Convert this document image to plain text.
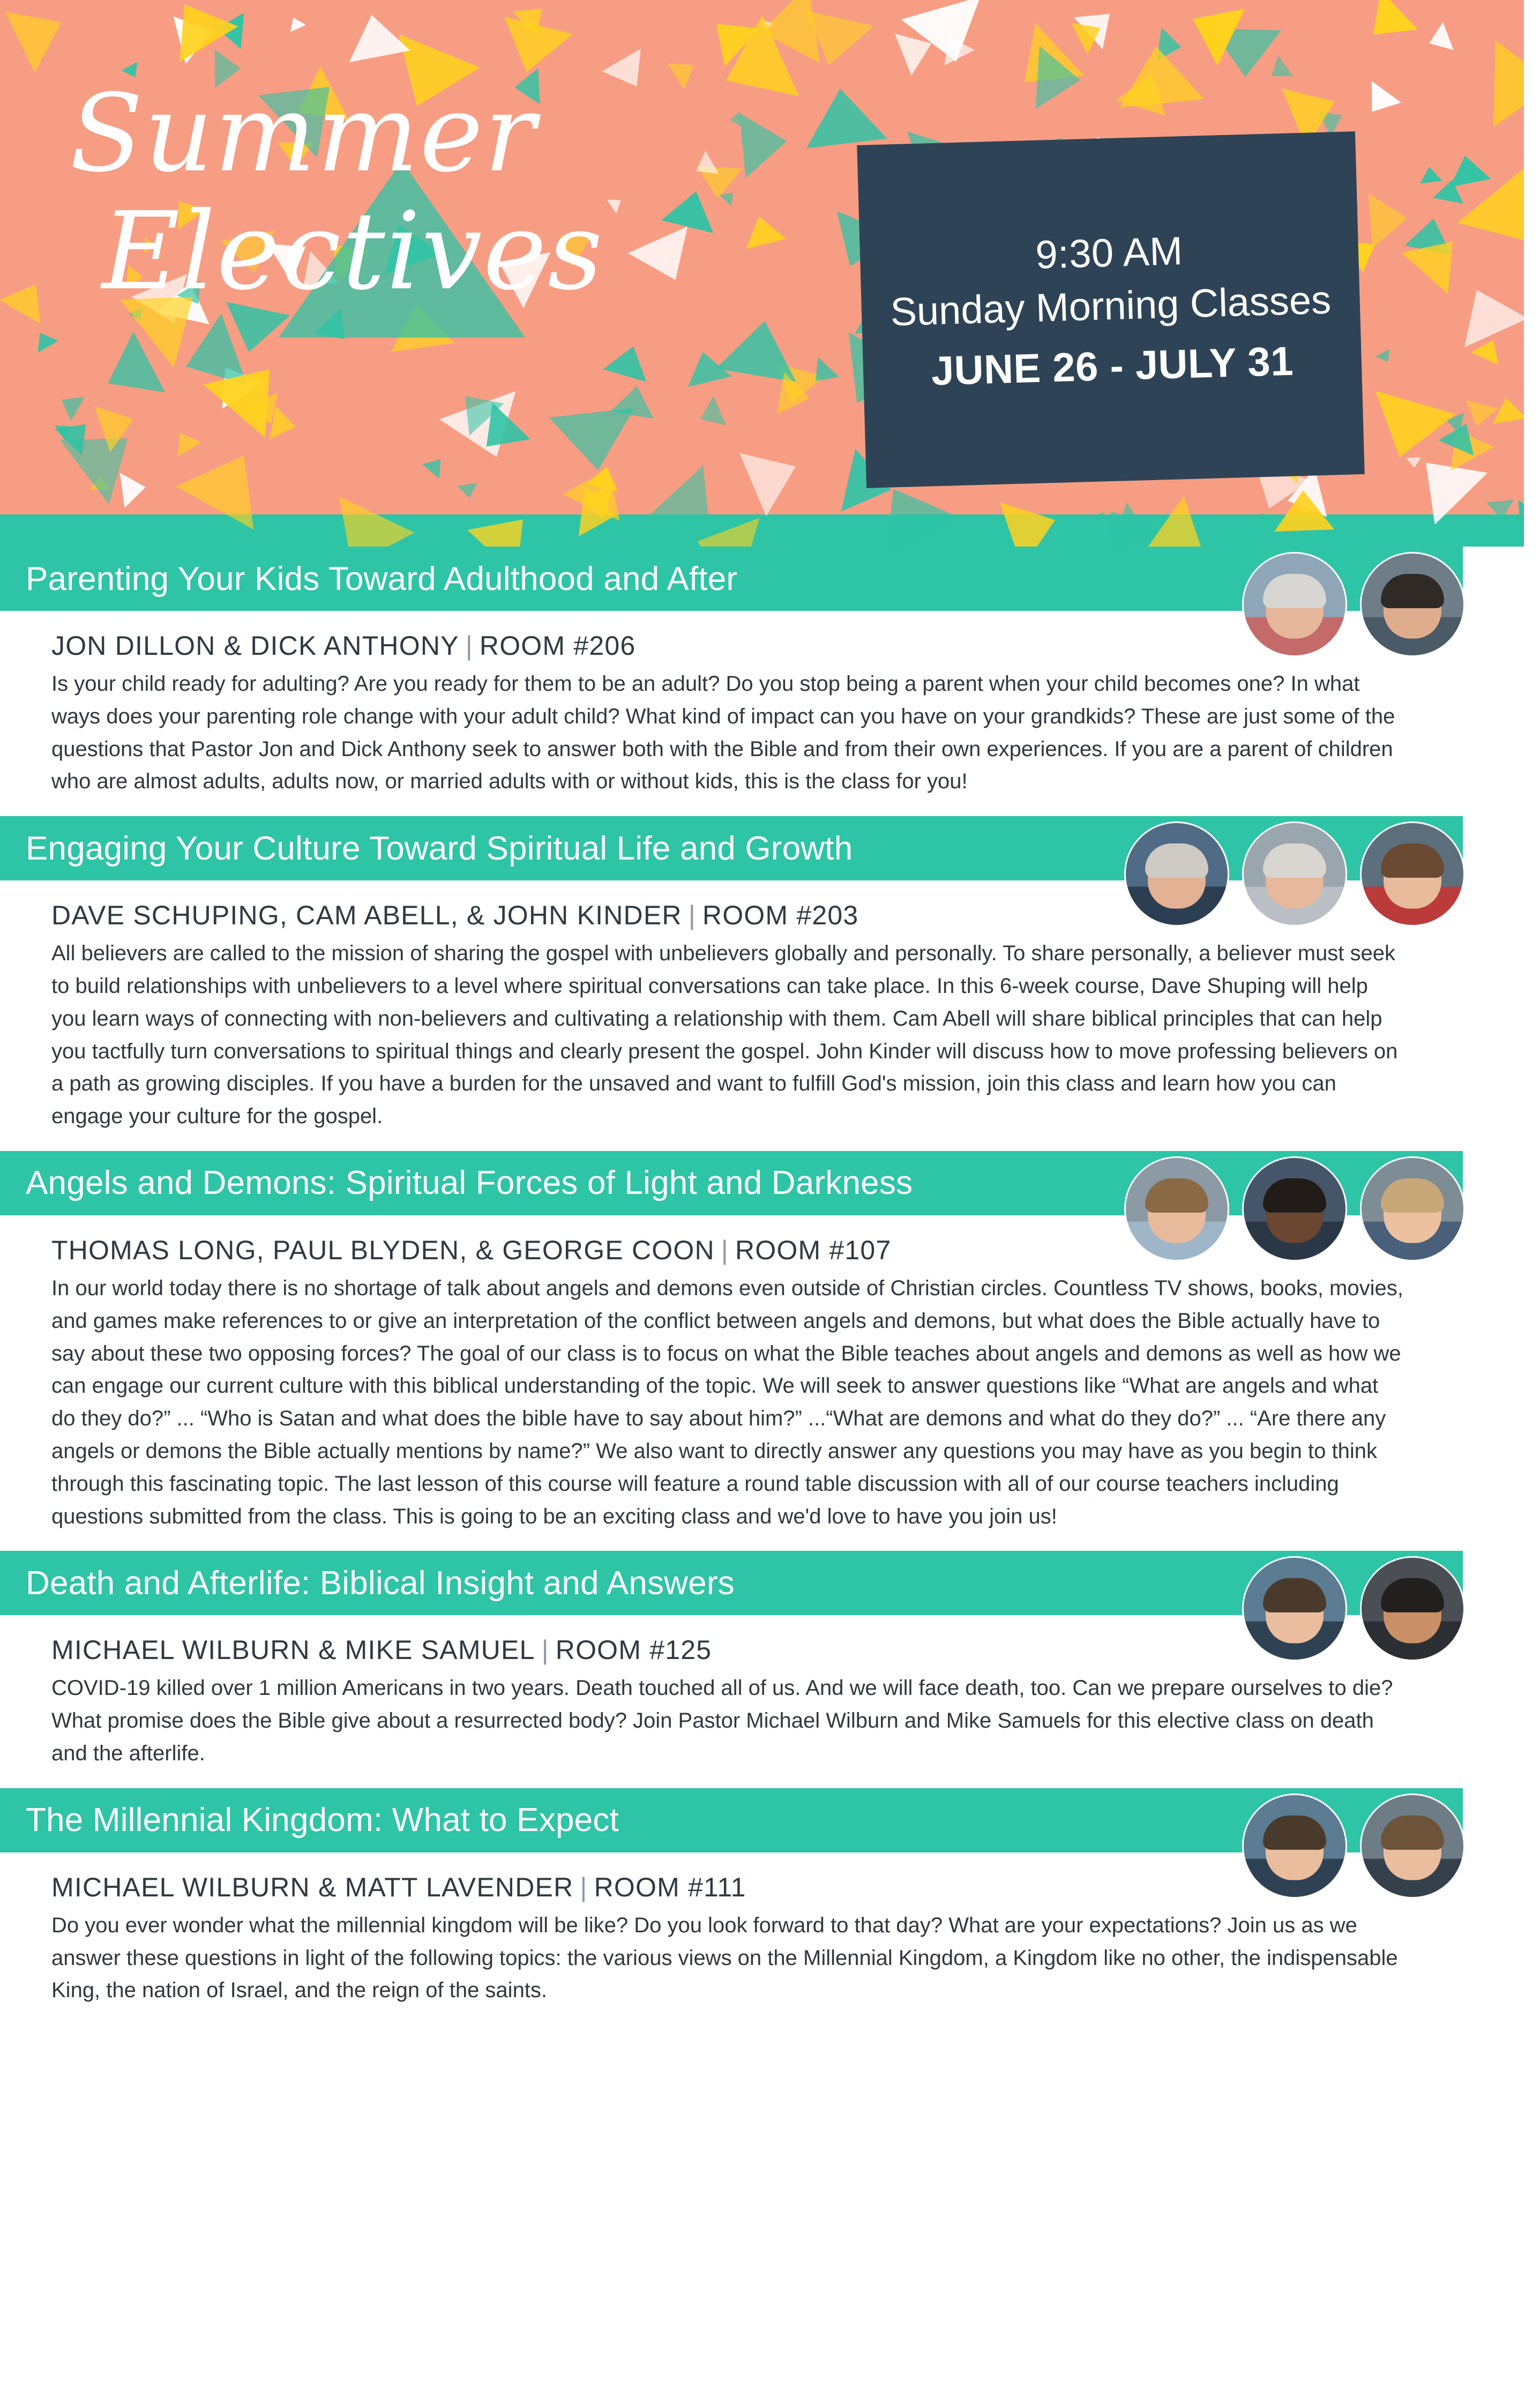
Summer
Electives	9:30 AM
Sunday Morning Classes
JUNE 26 - JULY 31
Parenting Your Kids Toward Adulthood and After
JON DILLON & DICK ANTHONY | ROOM #206
Is your child ready for adulting? Are you ready for them to be an adult? Do you stop being a parent when your child becomes one? In what ways does your parenting role change with your adult child? What kind of impact can you have on your grandkids? These are just some of the questions that Pastor Jon and Dick Anthony seek to answer both with the Bible and from their own experiences. If you are a parent of children who are almost adults, adults now, or married adults with or without kids, this is the class for you!
Engaging Your Culture Toward Spiritual Life and Growth
DAVE SCHUPING, CAM ABELL, & JOHN KINDER | ROOM #203
All believers are called to the mission of sharing the gospel with unbelievers globally and personally. To share personally, a believer must seek to build relationships with unbelievers to a level where spiritual conversations can take place. In this 6-week course, Dave Shuping will help you learn ways of connecting with non-believers and cultivating a relationship with them. Cam Abell will share biblical principles that can help you tactfully turn conversations to spiritual things and clearly present the gospel. John Kinder will discuss how to move professing believers on a path as growing disciples. If you have a burden for the unsaved and want to fulfill God's mission, join this class and learn how you can engage your culture for the gospel.
Angels and Demons: Spiritual Forces of Light and Darkness
THOMAS LONG, PAUL BLYDEN, & GEORGE COON | ROOM #107
In our world today there is no shortage of talk about angels and demons even outside of Christian circles. Countless TV shows, books, movies, and games make references to or give an interpretation of the conflict between angels and demons, but what does the Bible actually have to say about these two opposing forces? The goal of our class is to focus on what the Bible teaches about angels and demons as well as how we can engage our current culture with this biblical understanding of the topic. We will seek to answer questions like “What are angels and what do they do?” ... “Who is Satan and what does the bible have to say about him?” ...“What are demons and what do they do?” ... “Are there any angels or demons the Bible actually mentions by name?” We also want to directly answer any questions you may have as you begin to think through this fascinating topic. The last lesson of this course will feature a round table discussion with all of our course teachers including questions submitted from the class. This is going to be an exciting class and we'd love to have you join us!
Death and Afterlife: Biblical Insight and Answers
MICHAEL WILBURN & MIKE SAMUEL | ROOM #125
COVID-19 killed over 1 million Americans in two years. Death touched all of us. And we will face death, too. Can we prepare ourselves to die? What promise does the Bible give about a resurrected body? Join Pastor Michael Wilburn and Mike Samuels for this elective class on death and the afterlife.
The Millennial Kingdom: What to Expect
MICHAEL WILBURN & MATT LAVENDER | ROOM #111
Do you ever wonder what the millennial kingdom will be like? Do you look forward to that day? What are your expectations? Join us as we answer these questions in light of the following topics: the various views on the Millennial Kingdom, a Kingdom like no other, the indispensable King, the nation of Israel, and the reign of the saints.
